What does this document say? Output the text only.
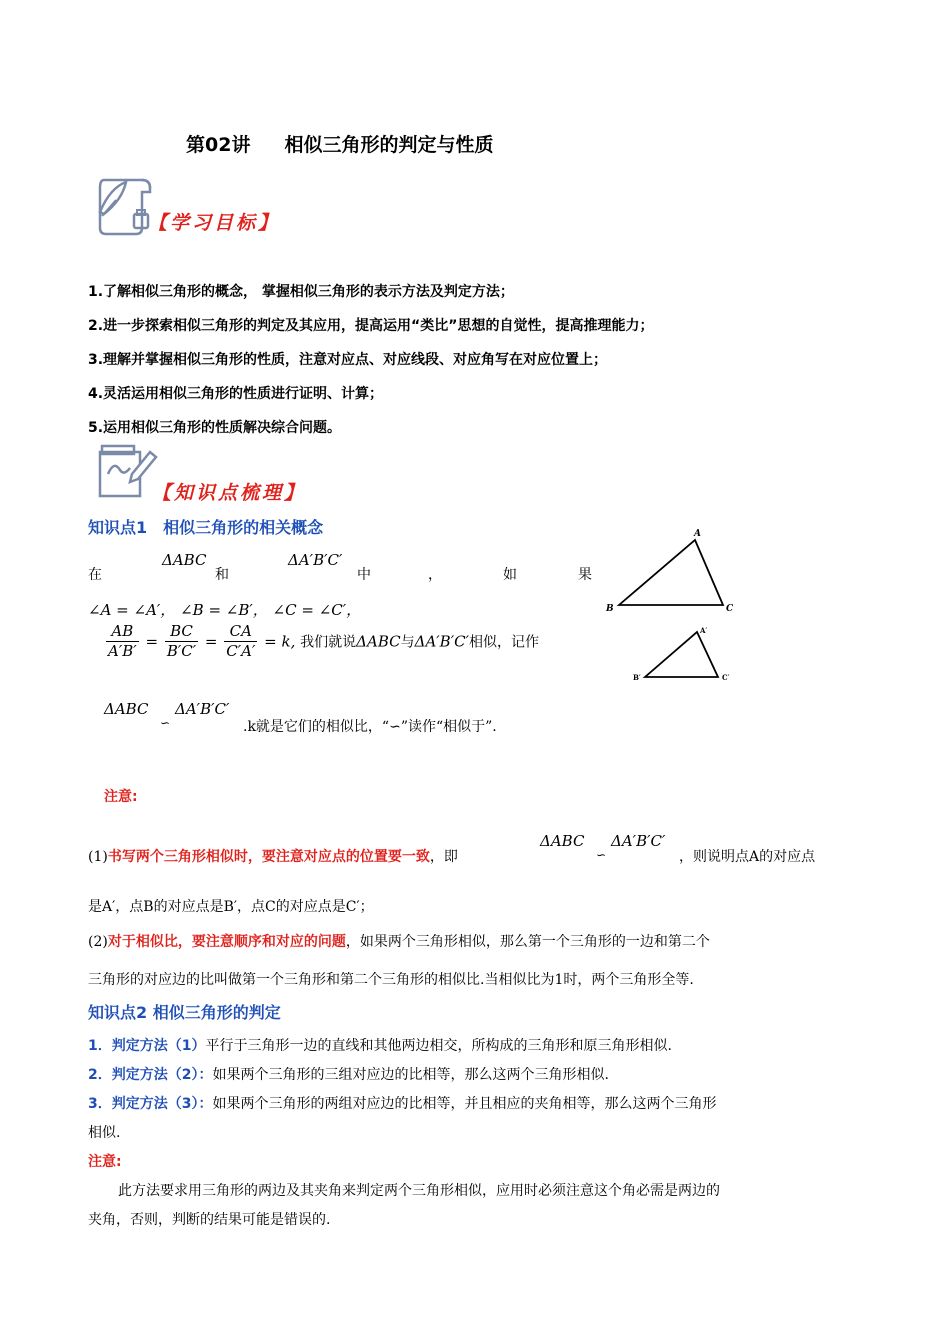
第02讲 相似三角形的判定与性质
【学习目标】
1.了解相似三角形的概念， 掌握相似三角形的表示方法及判定方法；
2.进一步探索相似三角形的判定及其应用，提高运用“类比”思想的自觉性，提高推理能力；
3.理解并掌握相似三角形的性质，注意对应点、对应线段、对应角写在对应位置上；
4.灵活运用相似三角形的性质进行证明、计算；
5.运用相似三角形的性质解决综合问题。
【知识点梳理】
知识点1　相似三角形的相关概念
在
ΔABC
和
ΔA′B′C′
中	，	如	果
∠A = ∠A′， ∠B = ∠B′， ∠C = ∠C′，
$\frac{AB}{A'B'} = \frac{BC}{B'C'} = \frac{CA}{C'A'} = k$, 我们就说ΔABC与ΔA′B′C′相似，记作
ΔABC
∽
ΔA′B′C′
.k就是它们的相似比，“∽”读作“相似于”.
A
B	C
A′
B′	C′
注意:
(1)书写两个三角形相似时，要注意对应点的位置要一致，即
ΔABC
∽
ΔA′B′C′
，则说明点A的对应点
是A′，点B的对应点是B′，点C的对应点是C′；
(2)对于相似比，要注意顺序和对应的问题，如果两个三角形相似，那么第一个三角形的一边和第二个
三角形的对应边的比叫做第一个三角形和第二个三角形的相似比.当相似比为1时，两个三角形全等.
知识点2 相似三角形的判定
1．判定方法（1）平行于三角形一边的直线和其他两边相交，所构成的三角形和原三角形相似.
2．判定方法（2）：如果两个三角形的三组对应边的比相等，那么这两个三角形相似.
3．判定方法（3）：如果两个三角形的两组对应边的比相等，并且相应的夹角相等，那么这两个三角形
相似.
注意:
此方法要求用三角形的两边及其夹角来判定两个三角形相似，应用时必须注意这个角必需是两边的
夹角，否则，判断的结果可能是错误的.
